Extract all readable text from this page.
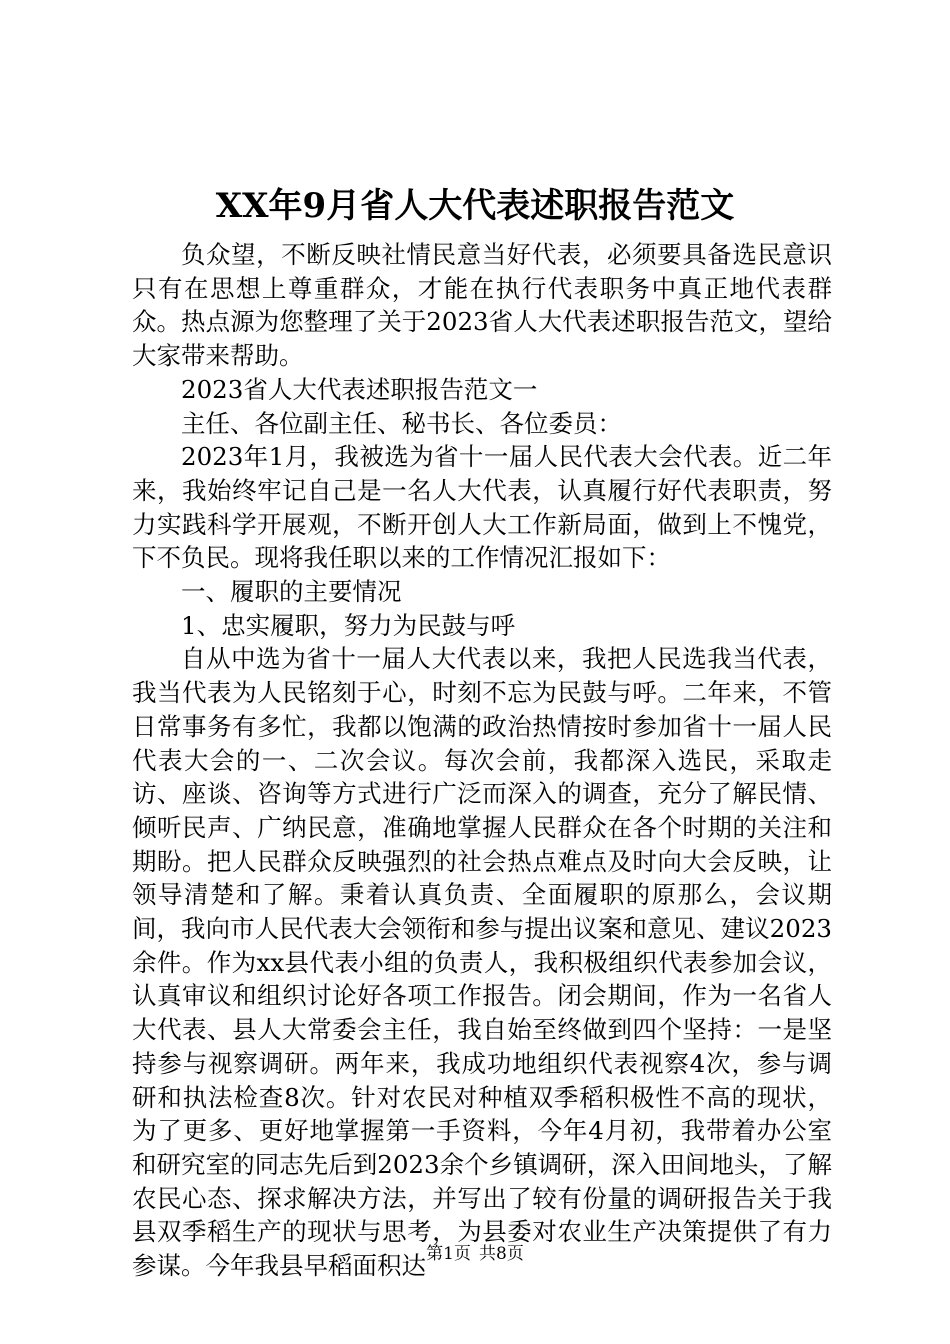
XX年9月省人大代表述职报告范文

负众望，不断反映社情民意当好代表，必须要具备选民意识只有在思想上尊重群众，才能在执行代表职务中真正地代表群众。热点源为您整理了关于2023省人大代表述职报告范文，望给大家带来帮助。

2023省人大代表述职报告范文一

主任、各位副主任、秘书长、各位委员：

2023年1月，我被选为省十一届人民代表大会代表。近二年来，我始终牢记自己是一名人大代表，认真履行好代表职责，努力实践科学开展观，不断开创人大工作新局面，做到上不愧党，下不负民。现将我任职以来的工作情况汇报如下：

一、履职的主要情况

1、忠实履职，努力为民鼓与呼

自从中选为省十一届人大代表以来，我把人民选我当代表，我当代表为人民铭刻于心，时刻不忘为民鼓与呼。二年来，不管日常事务有多忙，我都以饱满的政治热情按时参加省十一届人民代表大会的一、二次会议。每次会前，我都深入选民，采取走访、座谈、咨询等方式进行广泛而深入的调查，充分了解民情、倾听民声、广纳民意，准确地掌握人民群众在各个时期的关注和期盼。把人民群众反映强烈的社会热点难点及时向大会反映，让领导清楚和了解。秉着认真负责、全面履职的原那么，会议期间，我向市人民代表大会领衔和参与提出议案和意见、建议2023余件。作为xx县代表小组的负责人，我积极组织代表参加会议，认真审议和组织讨论好各项工作报告。闭会期间，作为一名省人大代表、县人大常委会主任，我自始至终做到四个坚持：一是坚持参与视察调研。两年来，我成功地组织代表视察4次，参与调研和执法检查8次。针对农民对种植双季稻积极性不高的现状，为了更多、更好地掌握第一手资料，今年4月初，我带着办公室和研究室的同志先后到2023余个乡镇调研，深入田间地头，了解农民心态、探求解决方法，并写出了较有份量的调研报告关于我县双季稻生产的现状与思考，为县委对农业生产决策提供了有力参谋。今年我县早稻面积达 第1页 共8页
